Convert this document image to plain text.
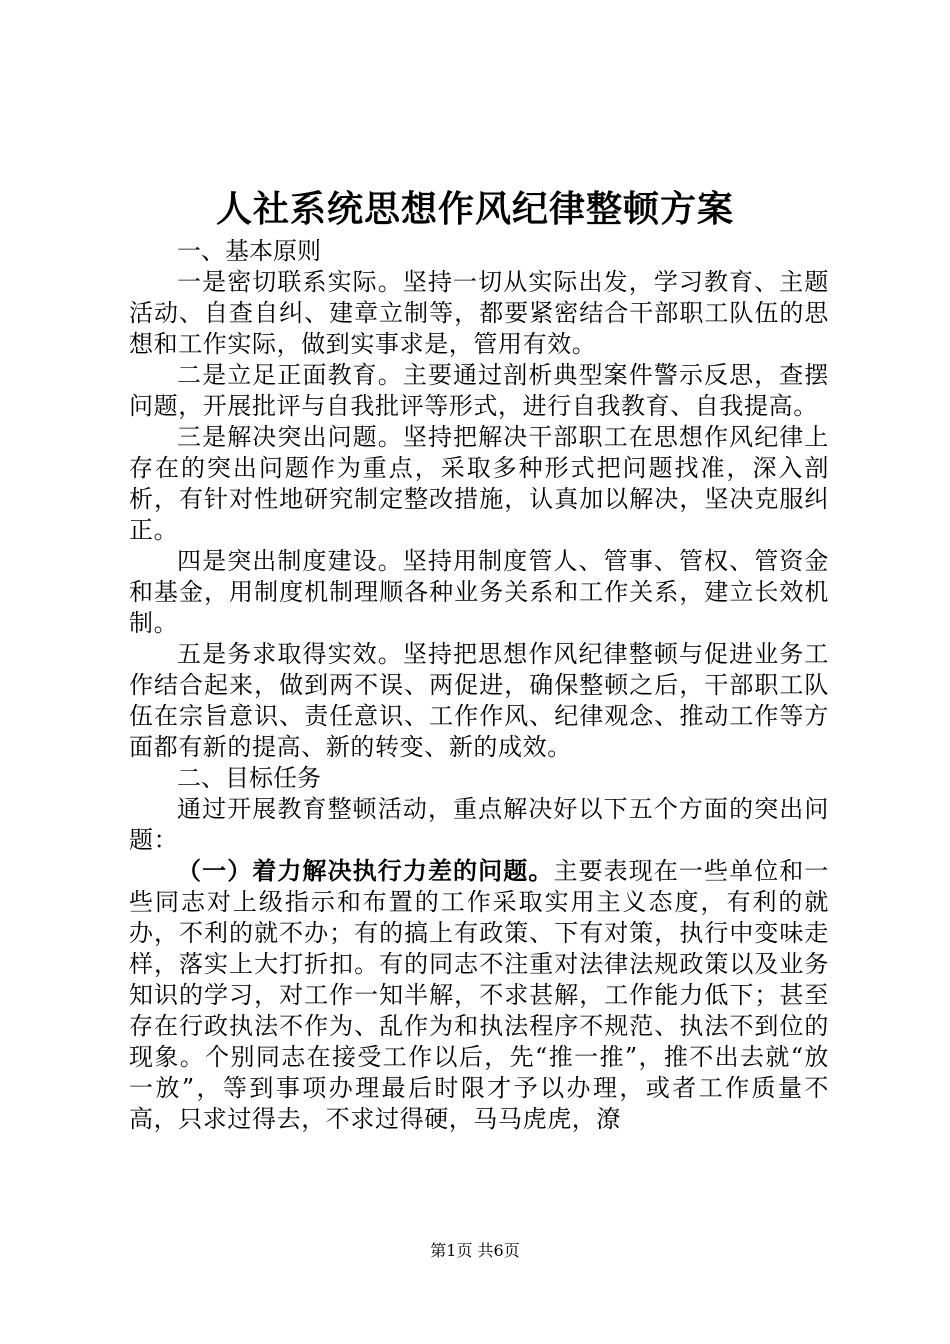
人社系统思想作风纪律整顿方案

一、基本原则

一是密切联系实际。坚持一切从实际出发，学习教育、主题活动、自查自纠、建章立制等，都要紧密结合干部职工队伍的思想和工作实际，做到实事求是，管用有效。

二是立足正面教育。主要通过剖析典型案件警示反思，查摆问题，开展批评与自我批评等形式，进行自我教育、自我提高。

三是解决突出问题。坚持把解决干部职工在思想作风纪律上存在的突出问题作为重点，采取多种形式把问题找准，深入剖析，有针对性地研究制定整改措施，认真加以解决，坚决克服纠正。

四是突出制度建设。坚持用制度管人、管事、管权、管资金和基金，用制度机制理顺各种业务关系和工作关系，建立长效机制。

五是务求取得实效。坚持把思想作风纪律整顿与促进业务工作结合起来，做到两不误、两促进，确保整顿之后，干部职工队伍在宗旨意识、责任意识、工作作风、纪律观念、推动工作等方面都有新的提高、新的转变、新的成效。

二、目标任务

通过开展教育整顿活动，重点解决好以下五个方面的突出问题：

（一）着力解决执行力差的问题。主要表现在一些单位和一些同志对上级指示和布置的工作采取实用主义态度，有利的就办，不利的就不办；有的搞上有政策、下有对策，执行中变味走样，落实上大打折扣。有的同志不注重对法律法规政策以及业务知识的学习，对工作一知半解，不求甚解，工作能力低下；甚至存在行政执法不作为、乱作为和执法程序不规范、执法不到位的现象。个别同志在接受工作以后，先“推一推”，推不出去就“放一放”，等到事项办理最后时限才予以办理，或者工作质量不高，只求过得去，不求过得硬，马马虎虎，潦

第1页 共6页
